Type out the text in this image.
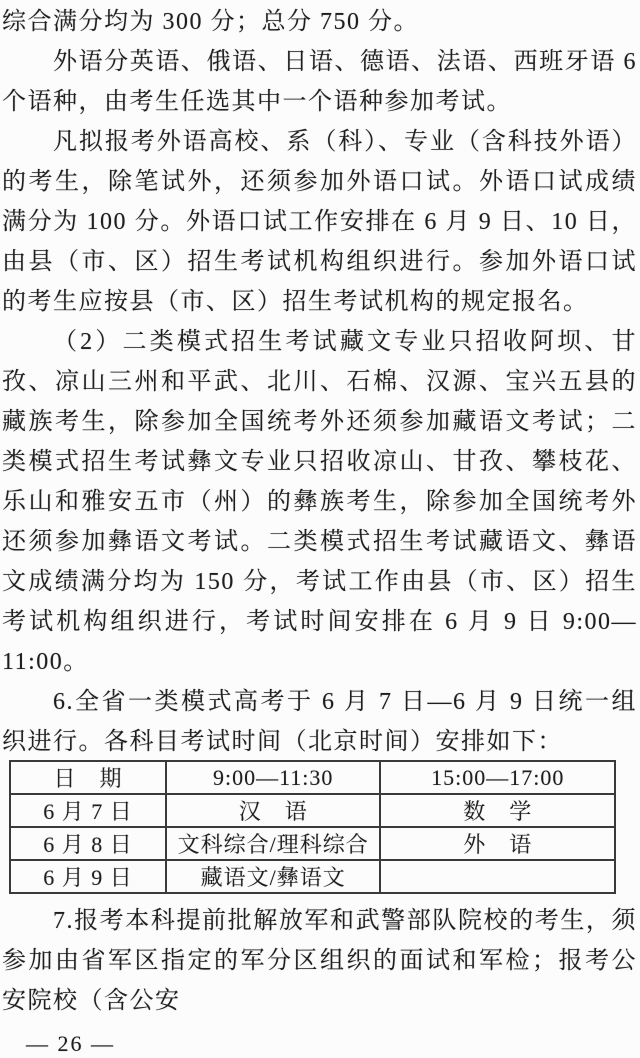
综合满分均为 300 分；总分 750 分。

外语分英语、俄语、日语、德语、法语、西班牙语 6 个语种，由考生任选其中一个语种参加考试。

凡拟报考外语高校、系（科）、专业（含科技外语）的考生，除笔试外，还须参加外语口试。外语口试成绩满分为 100 分。外语口试工作安排在 6 月 9 日、10 日，由县（市、区）招生考试机构组织进行。参加外语口试的考生应按县（市、区）招生考试机构的规定报名。

（2）二类模式招生考试藏文专业只招收阿坝、甘孜、凉山三州和平武、北川、石棉、汉源、宝兴五县的藏族考生，除参加全国统考外还须参加藏语文考试；二类模式招生考试彝文专业只招收凉山、甘孜、攀枝花、乐山和雅安五市（州）的彝族考生，除参加全国统考外还须参加彝语文考试。二类模式招生考试藏语文、彝语文成绩满分均为 150 分，考试工作由县（市、区）招生考试机构组织进行，考试时间安排在 6 月 9 日 9:00—11:00。

6.全省一类模式高考于 6 月 7 日—6 月 9 日统一组织进行。各科目考试时间（北京时间）安排如下：

日　期	9:00—11:30	15:00—17:00
6 月 7 日	汉　语	数　学
6 月 8 日	文科综合/理科综合	外　语
6 月 9 日	藏语文/彝语文	

7.报考本科提前批解放军和武警部队院校的考生，须参加由省军区指定的军分区组织的面试和军检；报考公安院校（含公安

— 26 —
